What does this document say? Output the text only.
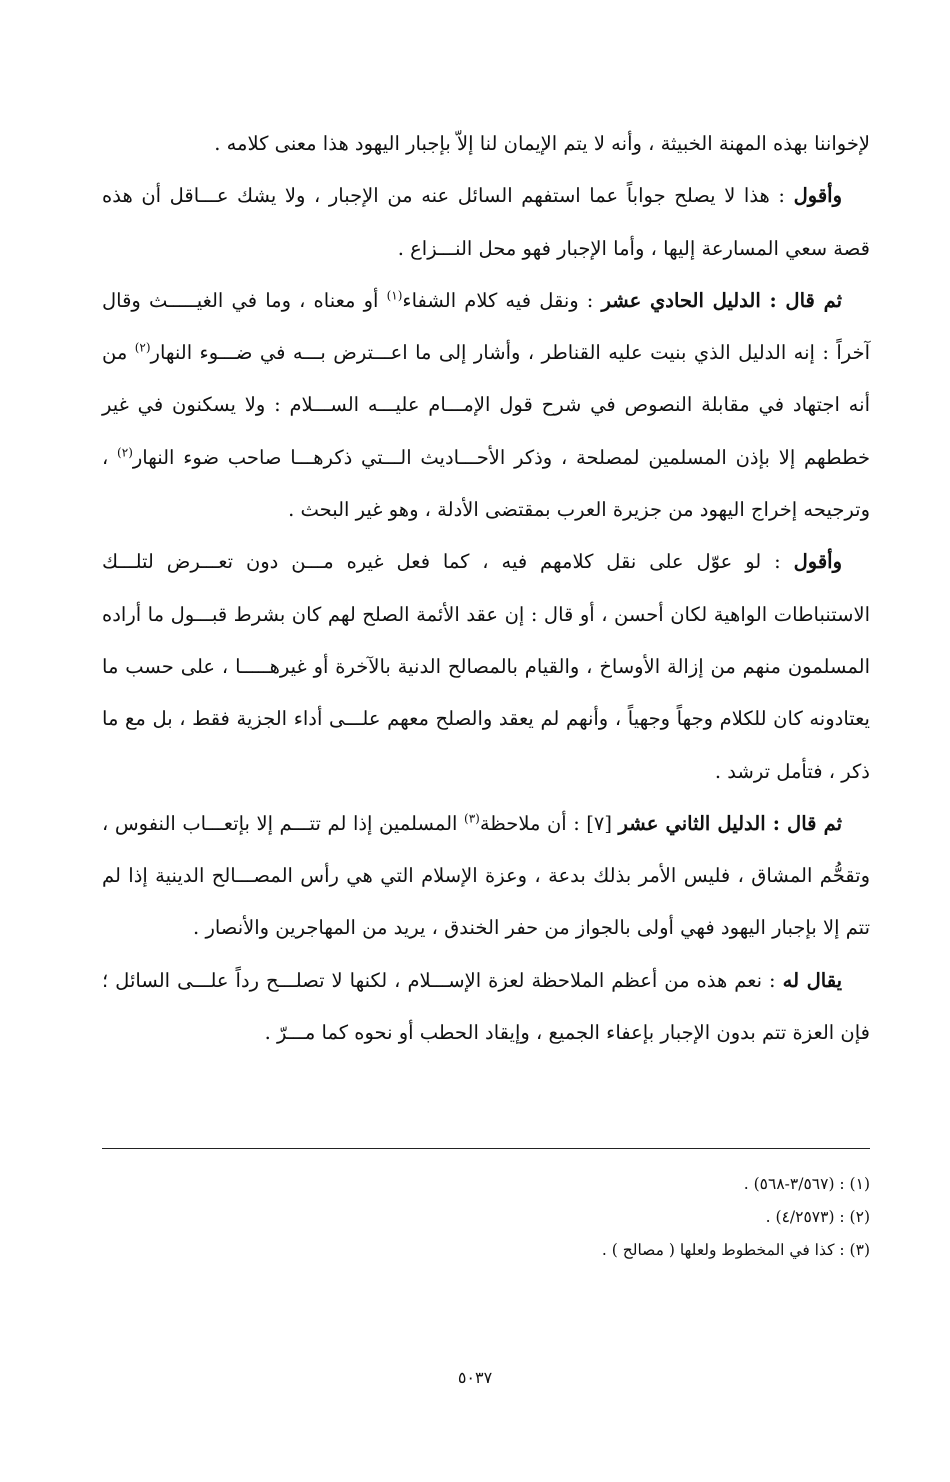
لإخواننا بهذه المهنة الخبيثة ، وأنه لا يتم الإيمان لنا إلاّ بإجبار اليهود هذا معنى كلامه .

وأقول : هذا لا يصلح جواباً عما استفهم السائل عنه من الإجبار ، ولا يشك عـــاقل أن هذه قصة سعي المسارعة إليها ، وأما الإجبار فهو محل النـــزاع .

ثم قال : الدليل الحادي عشر : ونقل فيه كلام الشفاء$^{(١)}$ أو معناه ، وما في الغيـــــث وقال آخراً : إنه الدليل الذي بنيت عليه القناطر ، وأشار إلى ما اعـــترض بـــه في ضـــوء النهار$^{(٢)}$ من أنه اجتهاد في مقابلة النصوص في شرح قول الإمـــام عليـــه الســـلام : ولا يسكنون في غير خططهم إلا بإذن المسلمين لمصلحة ، وذكر الأحـــاديث الـــتي ذكرهـــا صاحب ضوء النهار$^{(٢)}$ ، وترجيحه إخراج اليهود من جزيرة العرب بمقتضى الأدلة ، وهو غير البحث .

وأقول : لو عوّل على نقل كلامهم فيه ، كما فعل غيره مـــن دون تعـــرض لتلـــك الاستنباطات الواهية لكان أحسن ، أو قال : إن عقد الأئمة الصلح لهم كان بشرط قبـــول ما أراده المسلمون منهم من إزالة الأوساخ ، والقيام بالمصالح الدنية بالآخرة أو غيرهـــــا ، على حسب ما يعتادونه كان للكلام وجهاً وجهياً ، وأنهم لم يعقد والصلح معهم علـــى أداء الجزية فقط ، بل مع ما ذكر ، فتأمل ترشد .

ثم قال : الدليل الثاني عشر [٧] : أن ملاحظة$^{(٣)}$ المسلمين إذا لم تتـــم إلا بإتعـــاب النفوس ، وتقحُّم المشاق ، فليس الأمر بذلك بدعة ، وعزة الإسلام التي هي رأس المصـــالح الدينية إذا لم تتم إلا بإجبار اليهود فهي أولى بالجواز من حفر الخندق ، يريد من المهاجرين والأنصار .

يقال له : نعم هذه من أعظم الملاحظة لعزة الإســـلام ، لكنها لا تصلـــح رداً علـــى السائل ؛ فإن العزة تتم بدون الإجبار بإعفاء الجميع ، وإيقاد الحطب أو نحوه كما مـــرّ .

(١) : (٣/٥٦٧-٥٦٨) .

(٢) : (٤/٢٥٧٣) .

(٣) : كذا في المخطوط ولعلها ( مصالح ) .

٥٠٣٧
